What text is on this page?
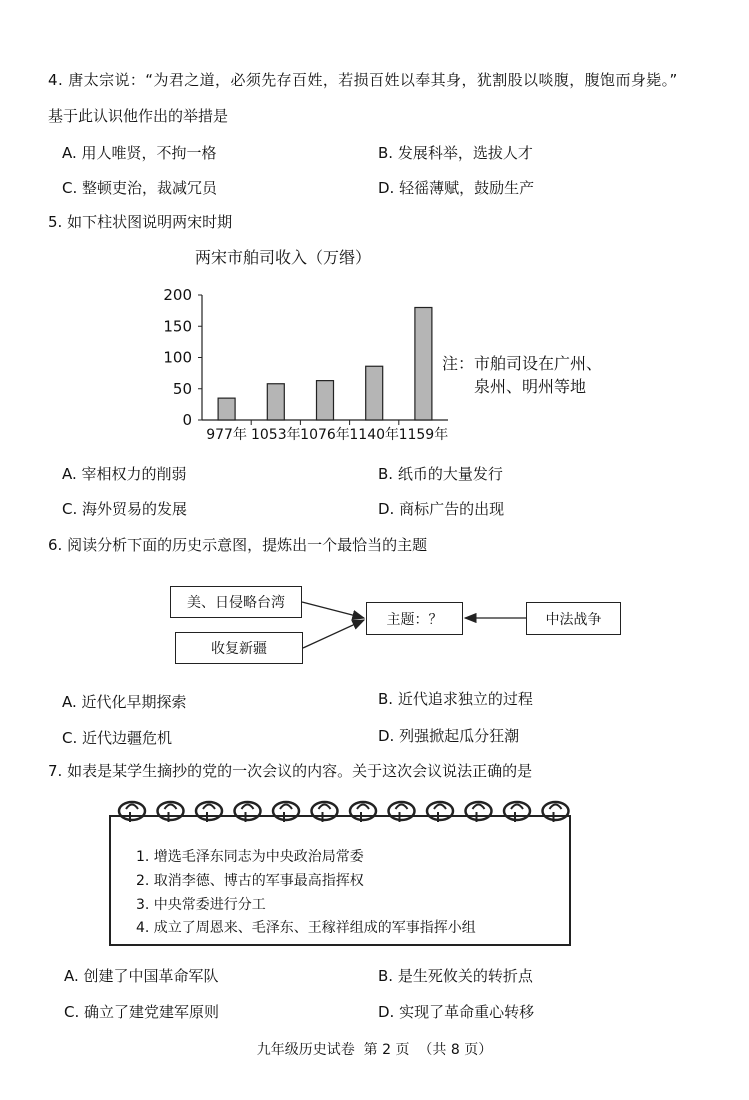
4. 唐太宗说：“为君之道，必须先存百姓，若损百姓以奉其身，犹割股以啖腹，腹饱而身毙。”
基于此认识他作出的举措是
A. 用人唯贤，不拘一格	B. 发展科举，选拔人才
C. 整顿吏治，裁减冗员	D. 轻徭薄赋，鼓励生产
5. 如下柱状图说明两宋时期
两宋市舶司收入（万缗）
0
50
100
150
200
977年 1053年 1076年 1140年 1159年
注：市舶司设在广州、
泉州、明州等地
A. 宰相权力的削弱	B. 纸币的大量发行
C. 海外贸易的发展	D. 商标广告的出现
6. 阅读分析下面的历史示意图，提炼出一个最恰当的主题
美、日侵略台湾
收复新疆
主题：？	中法战争
A. 近代化早期探索	B. 近代追求独立的过程
C. 近代边疆危机	D. 列强掀起瓜分狂潮
7. 如表是某学生摘抄的党的一次会议的内容。关于这次会议说法正确的是
1. 增选毛泽东同志为中央政治局常委
2. 取消李德、博古的军事最高指挥权
3. 中央常委进行分工
4. 成立了周恩来、毛泽东、王稼祥组成的军事指挥小组
A. 创建了中国革命军队	B. 是生死攸关的转折点
C. 确立了建党建军原则	D. 实现了革命重心转移
九年级历史试卷  第 2 页  （共 8 页）
